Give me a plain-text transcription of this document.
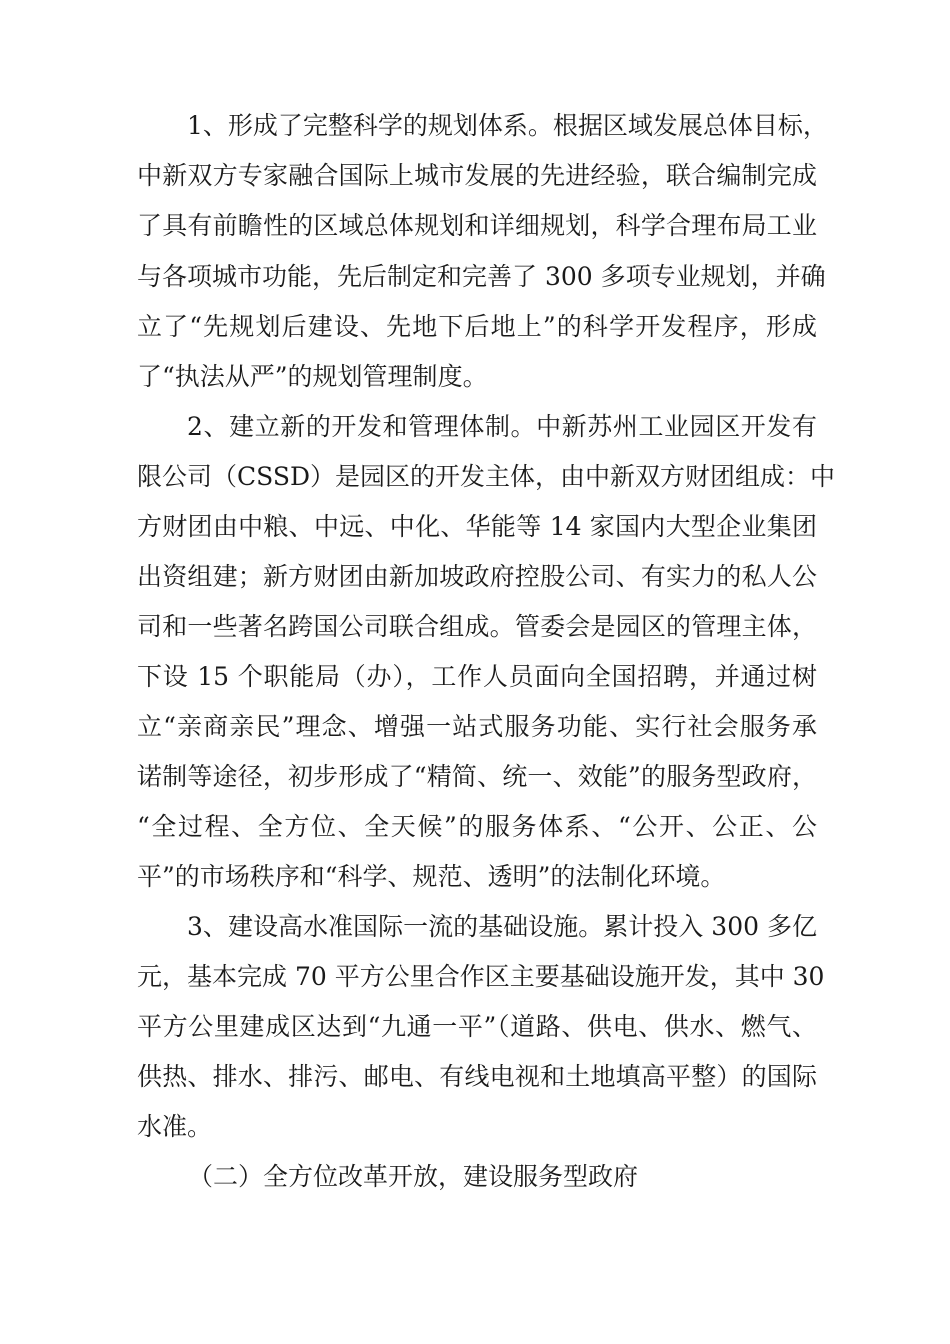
1、形成了完整科学的规划体系。根据区域发展总体目标，
中新双方专家融合国际上城市发展的先进经验，联合编制完成
了具有前瞻性的区域总体规划和详细规划，科学合理布局工业
与各项城市功能，先后制定和完善了 300 多项专业规划，并确
立了“先规划后建设、先地下后地上”的科学开发程序，形成
了“执法从严”的规划管理制度。
2、建立新的开发和管理体制。中新苏州工业园区开发有
限公司（CSSD）是园区的开发主体，由中新双方财团组成：中
方财团由中粮、中远、中化、华能等 14 家国内大型企业集团
出资组建；新方财团由新加坡政府控股公司、有实力的私人公
司和一些著名跨国公司联合组成。管委会是园区的管理主体，
下设 15 个职能局（办），工作人员面向全国招聘，并通过树
立“亲商亲民”理念、增强一站式服务功能、实行社会服务承
诺制等途径，初步形成了“精简、统一、效能”的服务型政府，
“全过程、全方位、全天候”的服务体系、“公开、公正、公
平”的市场秩序和“科学、规范、透明”的法制化环境。
3、建设高水准国际一流的基础设施。累计投入 300 多亿
元，基本完成 70 平方公里合作区主要基础设施开发，其中 30
平方公里建成区达到“九通一平”（道路、供电、供水、燃气、
供热、排水、排污、邮电、有线电视和土地填高平整）的国际
水准。
（二）全方位改革开放，建设服务型政府
